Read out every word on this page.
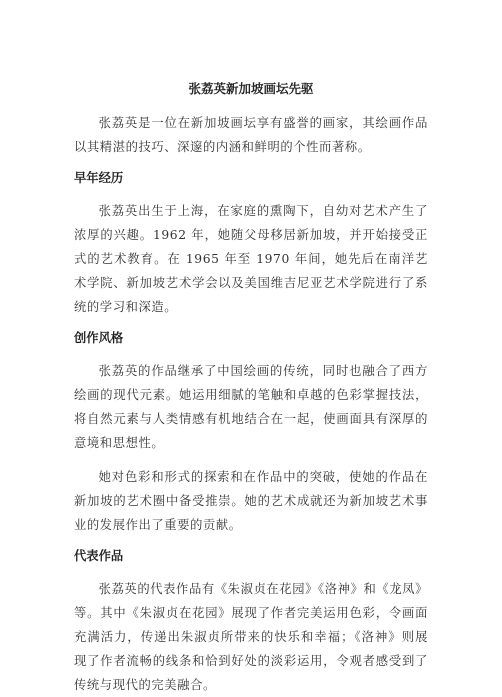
张荔英新加坡画坛先驱

张荔英是一位在新加坡画坛享有盛誉的画家，其绘画作品以其精湛的技巧、深邃的内涵和鲜明的个性而著称。

早年经历

张荔英出生于上海，在家庭的熏陶下，自幼对艺术产生了浓厚的兴趣。1962 年，她随父母移居新加坡，并开始接受正式的艺术教育。在 1965 年至 1970 年间，她先后在南洋艺术学院、新加坡艺术学会以及美国维吉尼亚艺术学院进行了系统的学习和深造。

创作风格

张荔英的作品继承了中国绘画的传统，同时也融合了西方绘画的现代元素。她运用细腻的笔触和卓越的色彩掌握技法，将自然元素与人类情感有机地结合在一起，使画面具有深厚的意境和思想性。

她对色彩和形式的探索和在作品中的突破，使她的作品在新加坡的艺术圈中备受推崇。她的艺术成就还为新加坡艺术事业的发展作出了重要的贡献。

代表作品

张荔英的代表作品有《朱淑贞在花园》《洛神》和《龙凤》等。其中《朱淑贞在花园》展现了作者完美运用色彩，令画面充满活力，传递出朱淑贞所带来的快乐和幸福；《洛神》则展现了作者流畅的线条和恰到好处的淡彩运用，令观者感受到了传统与现代的完美融合。
